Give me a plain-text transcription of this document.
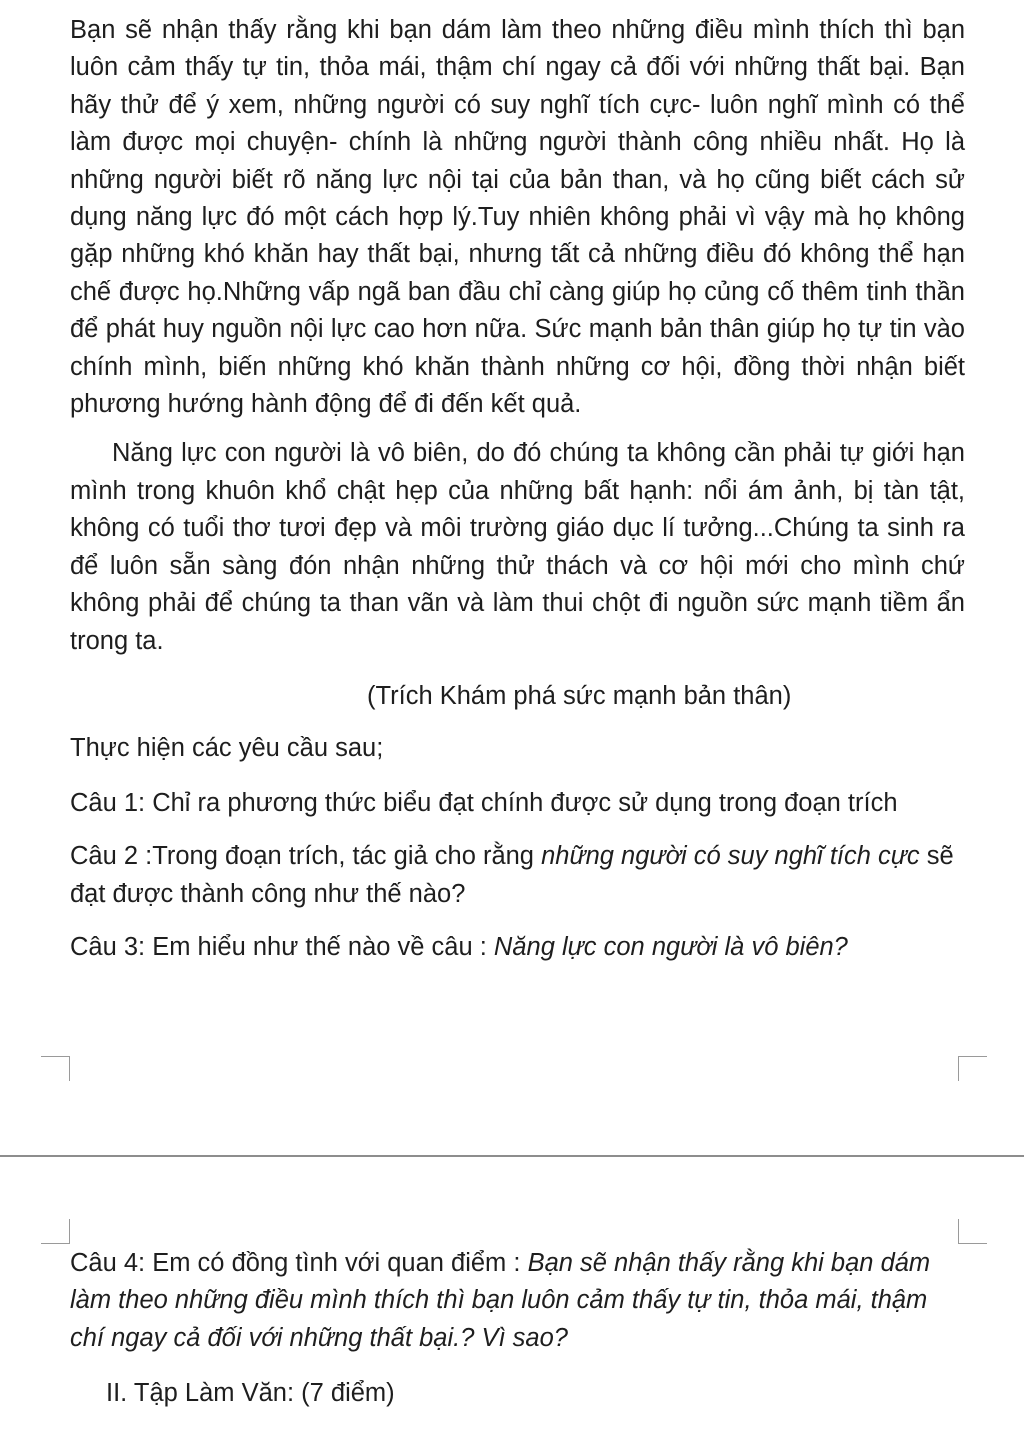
Bạn sẽ nhận thấy rằng khi bạn dám làm theo những điều mình thích thì bạn luôn cảm thấy tự tin, thỏa mái, thậm chí ngay cả đối với những thất bại. Bạn hãy thử để ý xem, những người có suy nghĩ tích cực- luôn nghĩ mình có thể làm được mọi chuyện- chính là những người thành công nhiều nhất. Họ là những người biết rõ năng lực nội tại của bản than, và họ cũng biết cách sử dụng năng lực đó một cách hợp lý.Tuy nhiên không phải vì vậy mà họ không gặp những khó khăn hay thất bại, nhưng tất cả những điều đó không thể hạn chế được họ.Những vấp ngã ban đầu chỉ càng giúp họ củng cố thêm tinh thần để phát huy nguồn nội lực cao hơn nữa. Sức mạnh bản thân giúp họ tự tin vào chính mình, biến những khó khăn thành những cơ hội, đồng thời nhận biết phương hướng hành động để đi đến kết quả.

Năng lực con người là vô biên, do đó chúng ta không cần phải tự giới hạn mình trong khuôn khổ chật hẹp của những bất hạnh: nổi ám ảnh, bị tàn tật, không có tuổi thơ tươi đẹp và môi trường giáo dục lí tưởng...Chúng ta sinh ra để luôn sẵn sàng đón nhận những thử thách và cơ hội mới cho mình chứ không phải để chúng ta than vãn và làm thui chột đi nguồn sức mạnh tiềm ẩn trong ta.

(Trích Khám phá sức mạnh bản thân)

Thực hiện các yêu cầu sau;

Câu 1: Chỉ ra phương thức biểu đạt chính được sử dụng trong đoạn trích

Câu 2 :Trong đoạn trích, tác giả cho rằng những người có suy nghĩ tích cực sẽ đạt được thành công như thế nào?

Câu 3: Em hiểu như thế nào về câu : Năng lực con người là vô biên?

Câu 4: Em có đồng tình với quan điểm : Bạn sẽ nhận thấy rằng khi bạn dám làm theo những điều mình thích thì bạn luôn cảm thấy tự tin, thỏa mái, thậm chí ngay cả đối với những thất bại.? Vì sao?

II. Tập Làm Văn: (7 điểm)
